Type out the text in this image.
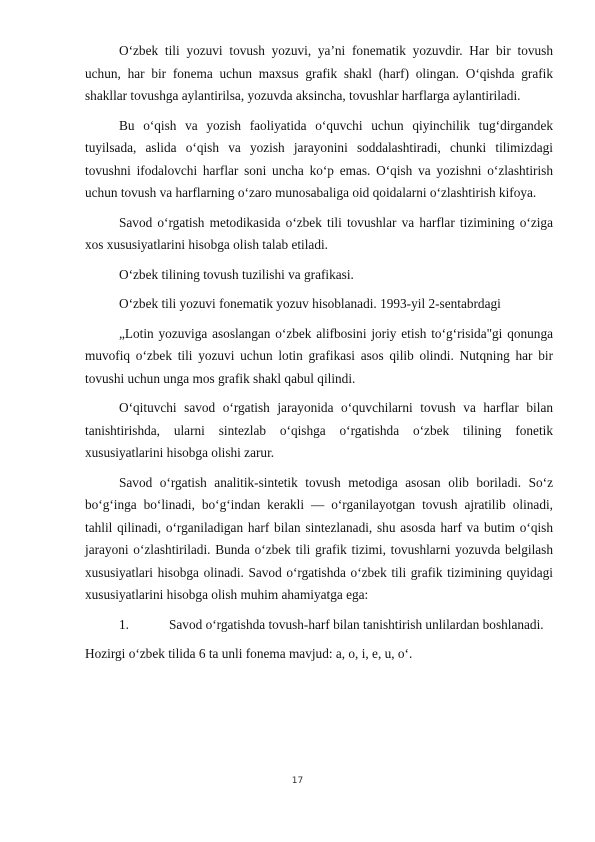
O‘zbek tili yozuvi tovush yozuvi, ya’ni fonematik yozuvdir. Har bir tovush uchun, har bir fonema uchun maxsus grafik shakl (harf) olingan. O‘qishda grafik shakllar tovushga aylantirilsa, yozuvda aksincha, tovushlar harflarga aylantiriladi.

Bu o‘qish va yozish faoliyatida o‘quvchi uchun qiyinchilik tug‘dirgandek tuyilsada, aslida o‘qish va yozish jarayonini soddalashtiradi, chunki tilimizdagi tovushni ifodalovchi harflar soni uncha ko‘p emas. O‘qish va yozishni o‘zlashtirish uchun tovush va harflarning o‘zaro munosabaliga oid qoidalarni o‘zlashtirish kifoya.

Savod o‘rgatish metodikasida o‘zbek tili tovushlar va harflar tizimining o‘ziga xos xususiyatlarini hisobga olish talab etiladi.

O‘zbek tilining tovush tuzilishi va grafikasi.

O‘zbek tili yozuvi fonematik yozuv hisoblanadi. 1993-yil 2-sentabrdagi

„Lotin yozuviga asoslangan o‘zbek alifbosini joriy etish to‘g‘risida"gi qonunga muvofiq o‘zbek tili yozuvi uchun lotin grafikasi asos qilib olindi. Nutqning har bir tovushi uchun unga mos grafik shakl qabul qilindi.

O‘qituvchi savod o‘rgatish jarayonida o‘quvchilarni tovush va harflar bilan tanishtirishda, ularni sintezlab o‘qishga o‘rgatishda o‘zbek tilining fonetik xususiyatlarini hisobga olishi zarur.

Savod o‘rgatish analitik-sintetik tovush metodiga asosan olib boriladi. So‘z bo‘g‘inga bo‘linadi, bo‘g‘indan kerakli — o‘rganilayotgan tovush ajratilib olinadi, tahlil qilinadi, o‘rganiladigan harf bilan sintezlanadi, shu asosda harf va butim o‘qish jarayoni o‘zlashtiriladi. Bunda o‘zbek tili grafik tizimi, tovushlarni yozuvda belgilash xususiyatlari hisobga olinadi. Savod o‘rgatishda o‘zbek tili grafik tizimining quyidagi xususiyatlarini hisobga olish muhim ahamiyatga ega:

1.	Savod o‘rgatishda tovush-harf bilan tanishtirish unlilardan boshlanadi.

Hozirgi o‘zbek tilida 6 ta unli fonema mavjud: a, o, i, e, u, o‘.

17
